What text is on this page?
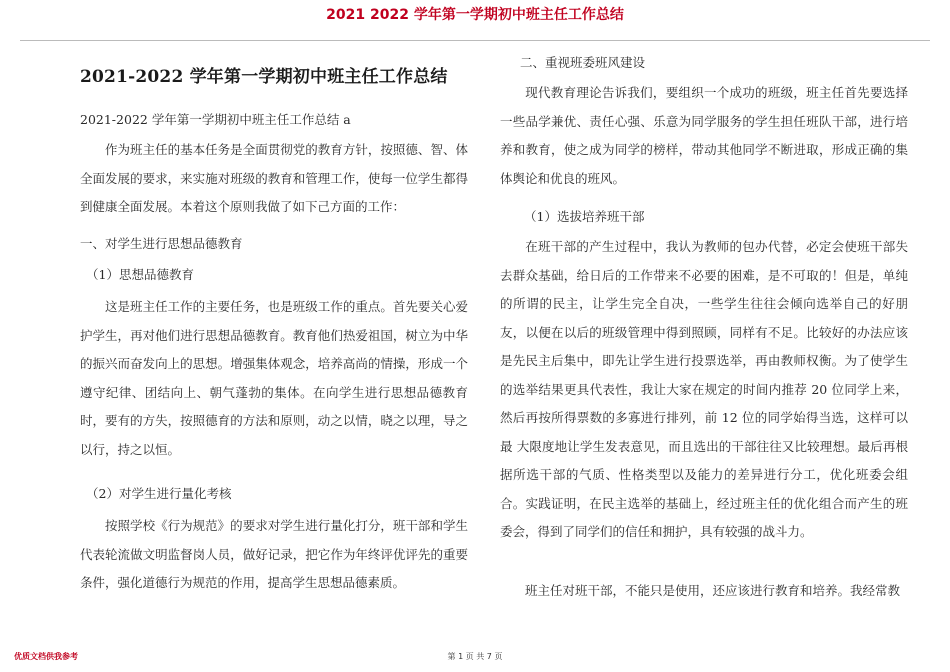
2021 2022 学年第一学期初中班主任工作总结
2021-2022 学年第一学期初中班主任工作总结
2021-2022 学年第一学期初中班主任工作总结 a
作为班主任的基本任务是全面贯彻党的教育方针，按照德、智、体全面发展的要求，来实施对班级的教育和管理工作，使每一位学生都得到健康全面发展。本着这个原则我做了如下己方面的工作：
一、对学生进行思想品德教育
（1）思想品德教育
这是班主任工作的主要任务，也是班级工作的重点。首先要关心爱护学生，再对他们进行思想品德教育。教育他们热爱祖国，树立为中华的振兴而奋发向上的思想。增强集体观念，培养高尚的情操，形成一个遵守纪律、团结向上、朝气蓬勃的集体。在向学生进行思想品德教育时，要有的方失，按照德育的方法和原则，动之以情，晓之以理，导之以行，持之以恒。
（2）对学生进行量化考核
按照学校《行为规范》的要求对学生进行量化打分，班干部和学生代表轮流做文明监督岗人员，做好记录，把它作为年终评优评先的重要条件，强化道德行为规范的作用，提高学生思想品德素质。
二、重视班委班风建设
现代教育理论告诉我们，要组织一个成功的班级，班主任首先要选择一些品学兼优、责任心强、乐意为同学服务的学生担任班队干部，进行培养和教育，使之成为同学的榜样，带动其他同学不断进取，形成正确的集体舆论和优良的班风。
（1）选拔培养班干部
在班干部的产生过程中，我认为教师的包办代替，必定会使班干部失去群众基础，给日后的工作带来不必要的困难，是不可取的！但是，单纯的所谓的民主，让学生完全自决，一些学生往往会倾向选举自己的好朋友，以便在以后的班级管理中得到照顾，同样有不足。比较好的办法应该是先民主后集中，即先让学生进行投票选举，再由教师权衡。为了使学生的选举结果更具代表性，我让大家在规定的时间内推荐 20 位同学上来，然后再按所得票数的多寡进行排列，前 12 位的同学始得当选，这样可以最 大限度地让学生发表意见，而且选出的干部往往又比较理想。最后再根据所选干部的气质、性格类型以及能力的差异进行分工，优化班委会组合。实践证明，在民主选举的基础上，经过班主任的优化组合而产生的班委会，得到了同学们的信任和拥护，具有较强的战斗力。
班主任对班干部，不能只是使用，还应该进行教育和培养。我经常教
优质文档供我参考	第 1 页 共 7 页
